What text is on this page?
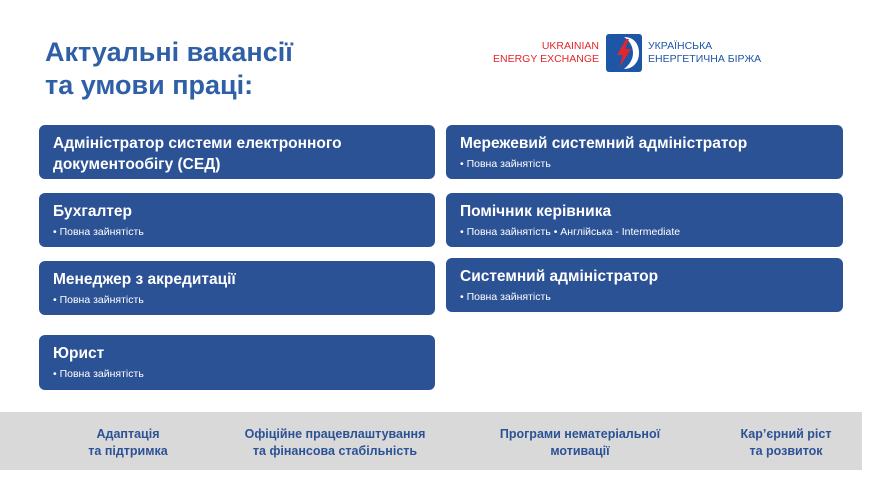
Актуальні вакансії
та умови праці:
UKRAINIAN
ENERGY EXCHANGE
УКРАЇНСЬКА
ЕНЕРГЕТИЧНА БІРЖА
Адміністратор системи електронного документообігу (СЕД)
Бухгалтер
• Повна зайнятість
Менеджер з акредитації
• Повна зайнятість
Юрист
• Повна зайнятість
Мережевий системний адміністратор
• Повна зайнятість
Помічник керівника
• Повна зайнятість • Англійська - Intermediate
Системний адміністратор
• Повна зайнятість
Адаптація
та підтримка
Офіційне працевлаштування
та фінансова стабільність
Програми нематеріальної
мотивації
Кар’єрний ріст
та розвиток
